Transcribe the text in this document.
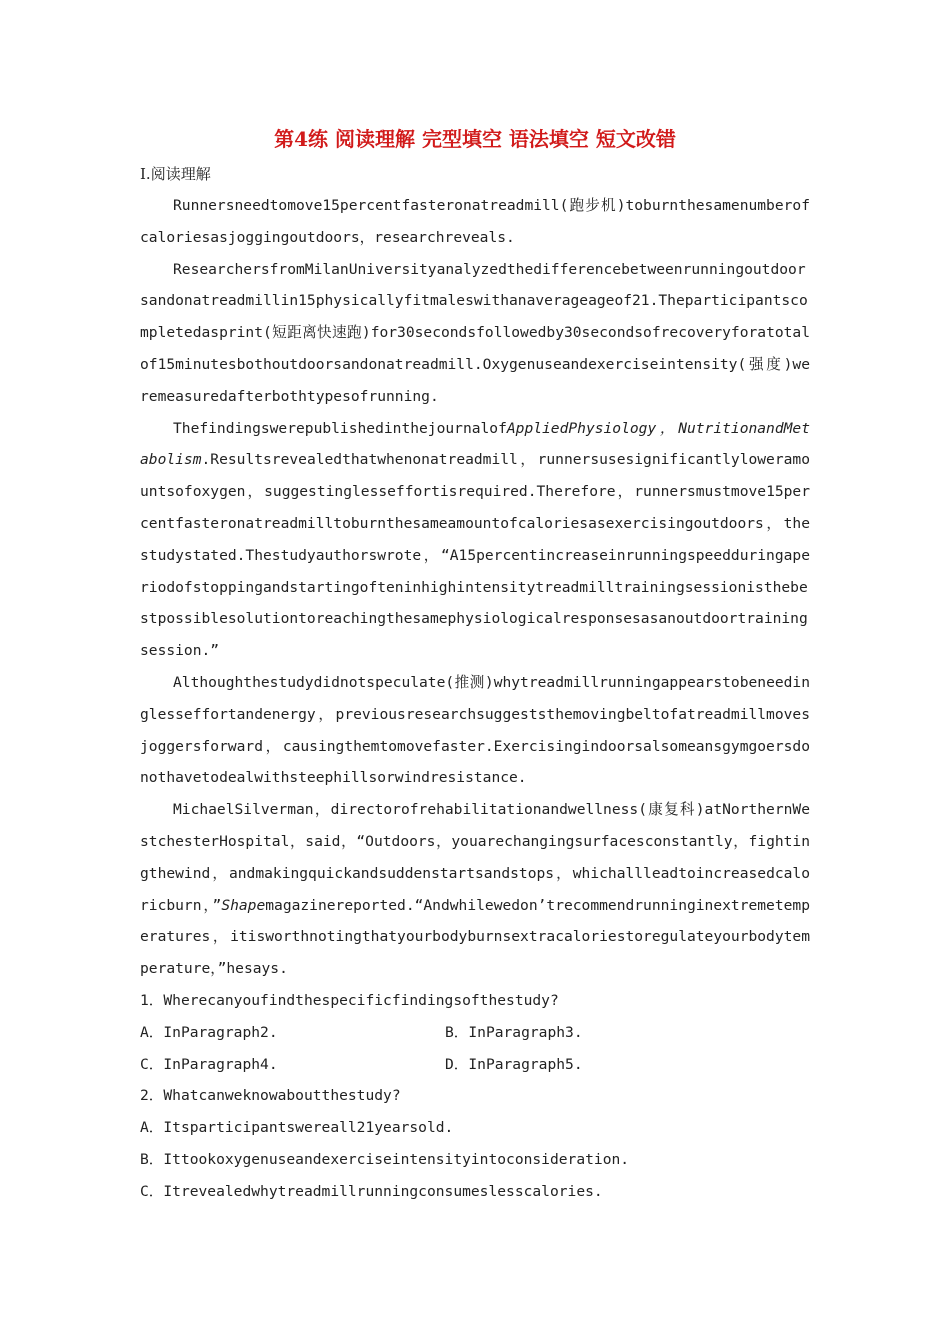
第4练 阅读理解 完型填空 语法填空 短文改错
Ⅰ.阅读理解

Runnersneedtomove15percentfasteronatreadmill(跑步机)toburnthesamenumberofcaloriesasjoggingoutdoors，researchreveals.

ResearchersfromMilanUniversityanalyzedthedifferencebetweenrunningoutdoorsandonatreadmillin15physicallyfitmaleswithanaverageageof21.Theparticipantscompletedasprint(短距离快速跑)for30secondsfollowedby30secondsofrecoveryforatotalof15minutesbothoutdoorsandonatreadmill.Oxygenuseandexerciseintensity(强度)weremeasuredafterbothtypesofrunning.

ThefindingswerepublishedinthejournalofAppliedPhysiology，NutritionandMetabolism.Resultsrevealedthatwhenonatreadmill，runnersusesignificantlyloweramountsofoxygen，suggestinglesseffortisrequired.Therefore，runnersmustmove15percentfasteronatreadmilltoburnthesameamountofcaloriesasexercisingoutdoors，thestudystated.Thestudyauthorswrote，“A15percentincreaseinrunningspeedduringaperiodofstoppingandstartingofteninhighintensitytreadmilltrainingsessionisthebestpossiblesolutiontoreachingthesamephysiologicalresponsesasanoutdoortrainingsession.”

Althoughthestudydidnotspeculate(推测)whytreadmillrunningappearstobeneedinglesseffortandenergy，previousresearchsuggeststhemovingbeltofatreadmillmovesjoggersforward，causingthemtomovefaster.Exercisingindoorsalsomeansgymgoersdonothavetodealwithsteephillsorwindresistance.

MichaelSilverman，directorofrehabilitationandwellness(康复科)atNorthernWestchesterHospital，said，“Outdoors，youarechangingsurfacesconstantly，fightingthewind，andmakingquickandsuddenstartsandstops，whichallleadtoincreasedcaloricburn，”Shapemagazinereported.“Andwhilewedon’trecommendrunninginextremetemperatures，itisworthnotingthatyourbodyburnsextracaloriestoregulateyourbodytemperature，”hesays.

1．Wherecanyoufindthespecificfindingsofthestudy?

A．InParagraph2.	B．InParagraph3.
C．InParagraph4.	D．InParagraph5.

2．Whatcanweknowaboutthestudy?

A．Itsparticipantswereall21yearsold.

B．Ittookoxygenuseandexerciseintensityintoconsideration.

C．Itrevealedwhytreadmillrunningconsumeslesscalories.
